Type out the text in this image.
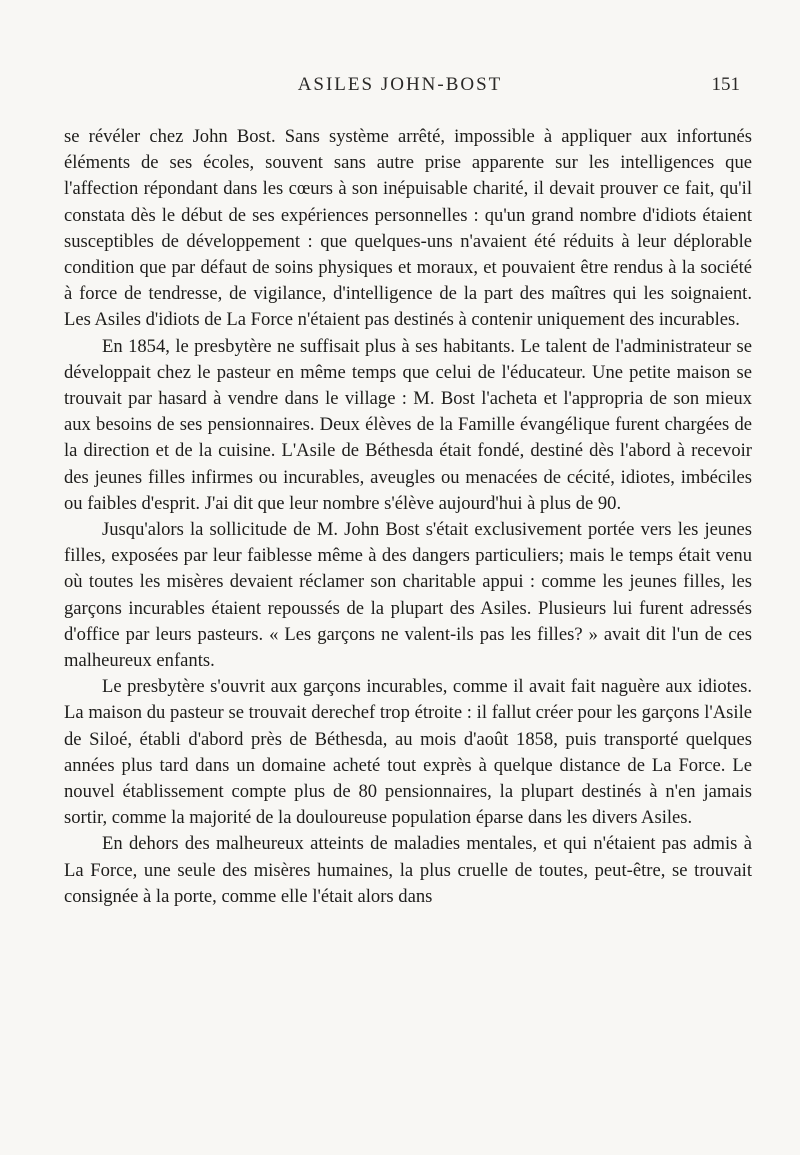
ASILES JOHN-BOST	151

se révéler chez John Bost. Sans système arrêté, impossible à appliquer aux infortunés éléments de ses écoles, souvent sans autre prise apparente sur les intelligences que l'affection répondant dans les cœurs à son inépuisable charité, il devait prouver ce fait, qu'il constata dès le début de ses expériences personnelles : qu'un grand nombre d'idiots étaient susceptibles de développement : que quelques-uns n'avaient été réduits à leur déplorable condition que par défaut de soins physiques et moraux, et pouvaient être rendus à la société à force de tendresse, de vigilance, d'intelligence de la part des maîtres qui les soignaient. Les Asiles d'idiots de La Force n'étaient pas destinés à contenir uniquement des incurables.

En 1854, le presbytère ne suffisait plus à ses habitants. Le talent de l'administrateur se développait chez le pasteur en même temps que celui de l'éducateur. Une petite maison se trouvait par hasard à vendre dans le village : M. Bost l'acheta et l'appropria de son mieux aux besoins de ses pensionnaires. Deux élèves de la Famille évangélique furent chargées de la direction et de la cuisine. L'Asile de Béthesda était fondé, destiné dès l'abord à recevoir des jeunes filles infirmes ou incurables, aveugles ou menacées de cécité, idiotes, imbéciles ou faibles d'esprit. J'ai dit que leur nombre s'élève aujourd'hui à plus de 90.

Jusqu'alors la sollicitude de M. John Bost s'était exclusivement portée vers les jeunes filles, exposées par leur faiblesse même à des dangers particuliers; mais le temps était venu où toutes les misères devaient réclamer son charitable appui : comme les jeunes filles, les garçons incurables étaient repoussés de la plupart des Asiles. Plusieurs lui furent adressés d'office par leurs pasteurs. « Les garçons ne valent-ils pas les filles? » avait dit l'un de ces malheureux enfants.

Le presbytère s'ouvrit aux garçons incurables, comme il avait fait naguère aux idiotes. La maison du pasteur se trouvait derechef trop étroite : il fallut créer pour les garçons l'Asile de Siloé, établi d'abord près de Béthesda, au mois d'août 1858, puis transporté quelques années plus tard dans un domaine acheté tout exprès à quelque distance de La Force. Le nouvel établissement compte plus de 80 pensionnaires, la plupart destinés à n'en jamais sortir, comme la majorité de la douloureuse population éparse dans les divers Asiles.

En dehors des malheureux atteints de maladies mentales, et qui n'étaient pas admis à La Force, une seule des misères humaines, la plus cruelle de toutes, peut-être, se trouvait consignée à la porte, comme elle l'était alors dans
